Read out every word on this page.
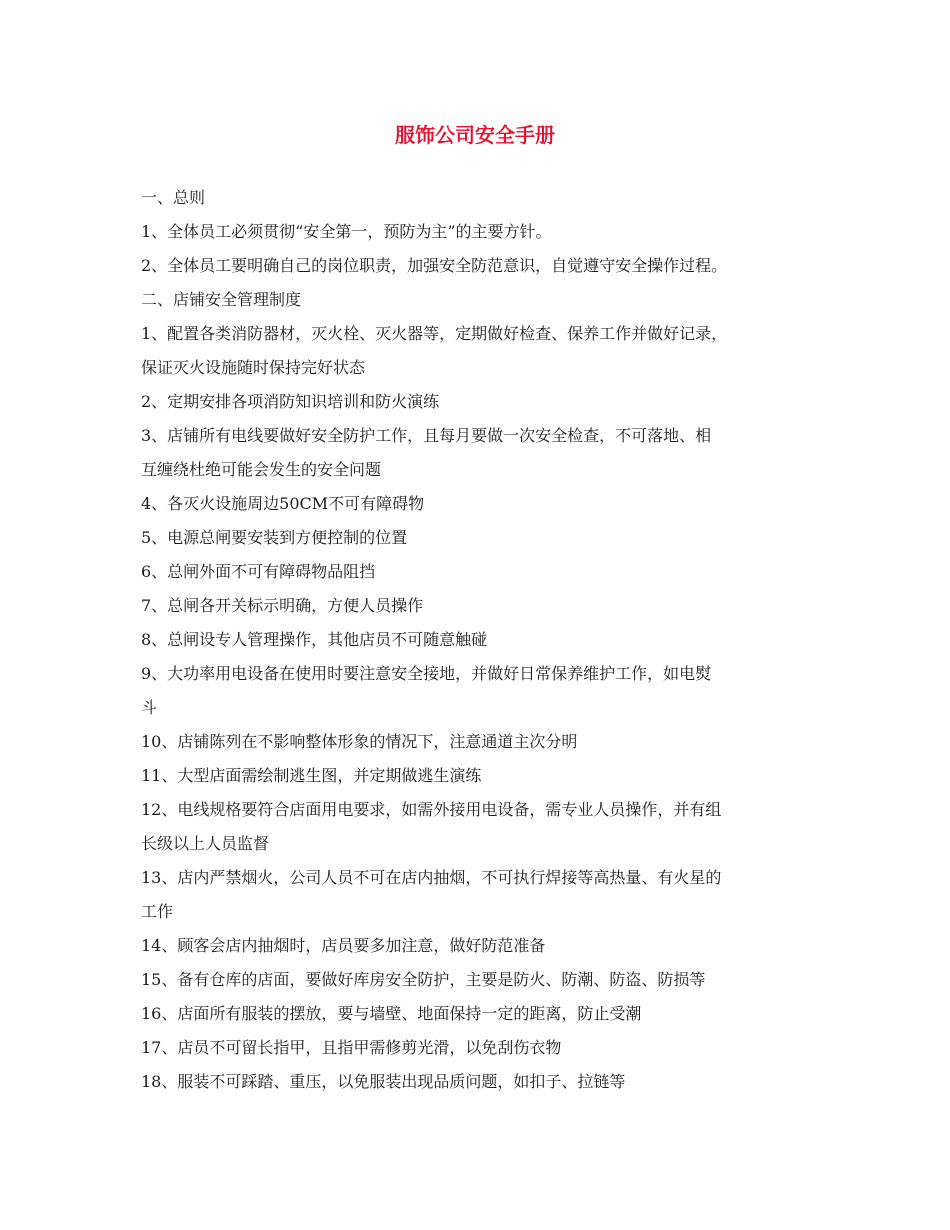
服饰公司安全手册
一、总则
1、全体员工必须贯彻“安全第一，预防为主”的主要方针。
2、全体员工要明确自己的岗位职责，加强安全防范意识，自觉遵守安全操作过程。
二、店铺安全管理制度
1、配置各类消防器材，灭火栓、灭火器等，定期做好检查、保养工作并做好记录，
保证灭火设施随时保持完好状态
2、定期安排各项消防知识培训和防火演练
3、店铺所有电线要做好安全防护工作，且每月要做一次安全检查，不可落地、相
互缠绕杜绝可能会发生的安全问题
4、各灭火设施周边50CM不可有障碍物
5、电源总闸要安装到方便控制的位置
6、总闸外面不可有障碍物品阻挡
7、总闸各开关标示明确，方便人员操作
8、总闸设专人管理操作，其他店员不可随意触碰
9、大功率用电设备在使用时要注意安全接地，并做好日常保养维护工作，如电熨
斗
10、店铺陈列在不影响整体形象的情况下，注意通道主次分明
11、大型店面需绘制逃生图，并定期做逃生演练
12、电线规格要符合店面用电要求，如需外接用电设备，需专业人员操作，并有组
长级以上人员监督
13、店内严禁烟火，公司人员不可在店内抽烟，不可执行焊接等高热量、有火星的
工作
14、顾客会店内抽烟时，店员要多加注意，做好防范准备
15、备有仓库的店面，要做好库房安全防护，主要是防火、防潮、防盗、防损等
16、店面所有服装的摆放，要与墙壁、地面保持一定的距离，防止受潮
17、店员不可留长指甲，且指甲需修剪光滑，以免刮伤衣物
18、服装不可踩踏、重压，以免服装出现品质问题，如扣子、拉链等
